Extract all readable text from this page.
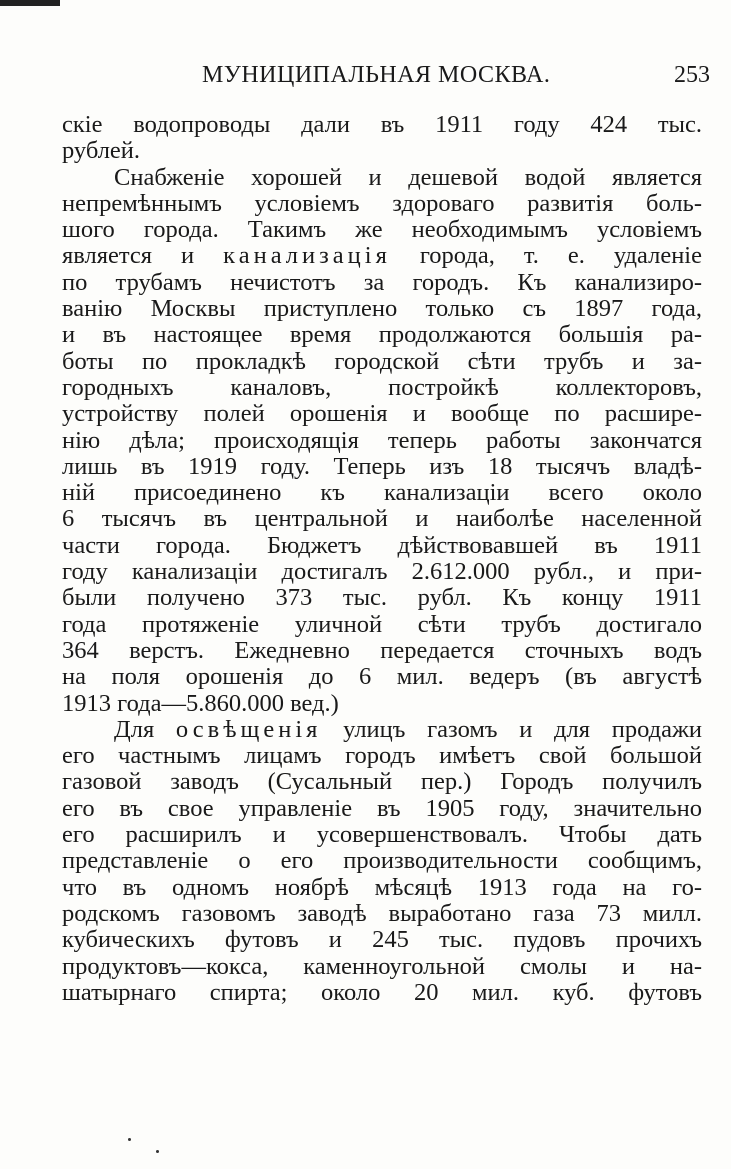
МУНИЦИПАЛЬНАЯ МОСКВА.	253
скіе водопроводы дали въ 1911 году 424 тыс.
рублей.
Снабженіе хорошей и дешевой водой является
непремѣннымъ условіемъ здороваго развитія боль-
шого города. Такимъ же необходимымъ условіемъ
является и канализація города, т. е. удаленіе
по трубамъ нечистотъ за городъ. Къ канализиро-
ванію Москвы приступлено только съ 1897 года,
и въ настоящее время продолжаются большія ра-
боты по прокладкѣ городской сѣти трубъ и за-
городныхъ каналовъ, постройкѣ коллекторовъ,
устройству полей орошенія и вообще по расшире-
нію дѣла; происходящія теперь работы закончатся
лишь въ 1919 году. Теперь изъ 18 тысячъ владѣ-
ній присоединено къ канализаціи всего около
6 тысячъ въ центральной и наиболѣе населенной
части города. Бюджетъ дѣйствовавшей въ 1911
году канализаціи достигалъ 2.612.000 рубл., и при-
были получено 373 тыс. рубл. Къ концу 1911
года протяженіе уличной сѣти трубъ достигало
364 верстъ. Ежедневно передается сточныхъ водъ
на поля орошенія до 6 мил. ведеръ (въ августѣ
1913 года—5.860.000 вед.)
Для освѣщенія улицъ газомъ и для продажи
его частнымъ лицамъ городъ имѣетъ свой большой
газовой заводъ (Сусальный пер.) Городъ получилъ
его въ свое управленіе въ 1905 году, значительно
его расширилъ и усовершенствовалъ. Чтобы дать
представленіе о его производительности сообщимъ,
что въ одномъ ноябрѣ мѣсяцѣ 1913 года на го-
родскомъ газовомъ заводѣ выработано газа 73 милл.
кубическихъ футовъ и 245 тыс. пудовъ прочихъ
продуктовъ—кокса, каменноугольной смолы и на-
шатырнаго спирта; около 20 мил. куб. футовъ
